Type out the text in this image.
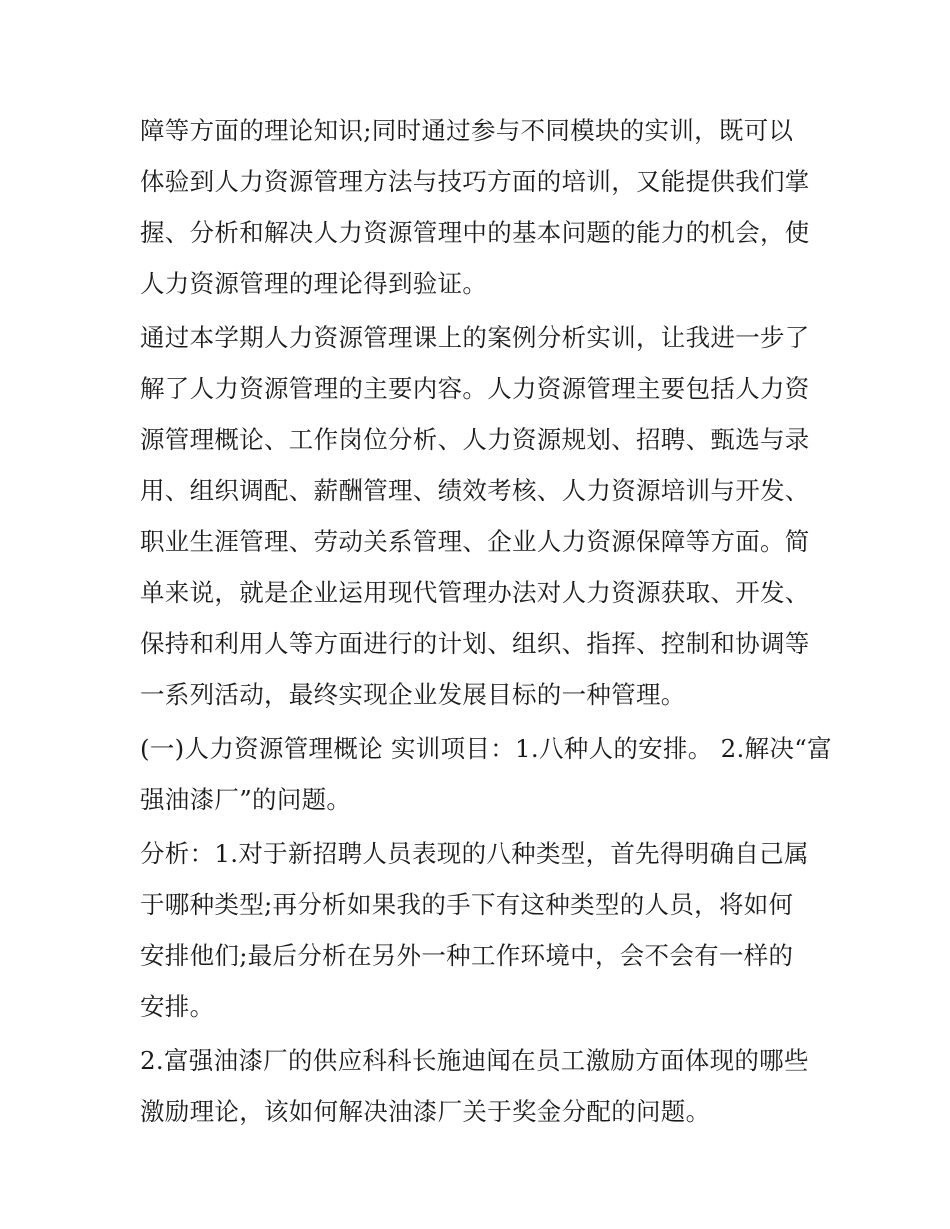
障等方面的理论知识;同时通过参与不同模块的实训，既可以
体验到人力资源管理方法与技巧方面的培训，又能提供我们掌
握、分析和解决人力资源管理中的基本问题的能力的机会，使
人力资源管理的理论得到验证。

通过本学期人力资源管理课上的案例分析实训，让我进一步了
解了人力资源管理的主要内容。人力资源管理主要包括人力资
源管理概论、工作岗位分析、人力资源规划、招聘、甄选与录
用、组织调配、薪酬管理、绩效考核、人力资源培训与开发、
职业生涯管理、劳动关系管理、企业人力资源保障等方面。简
单来说，就是企业运用现代管理办法对人力资源获取、开发、
保持和利用人等方面进行的计划、组织、指挥、控制和协调等
一系列活动，最终实现企业发展目标的一种管理。

(一)人力资源管理概论 实训项目：1.八种人的安排。 2.解决“富
强油漆厂”的问题。

分析：1.对于新招聘人员表现的八种类型，首先得明确自己属
于哪种类型;再分析如果我的手下有这种类型的人员，将如何
安排他们;最后分析在另外一种工作环境中，会不会有一样的
安排。

2.富强油漆厂的供应科科长施迪闻在员工激励方面体现的哪些
激励理论，该如何解决油漆厂关于奖金分配的问题。
